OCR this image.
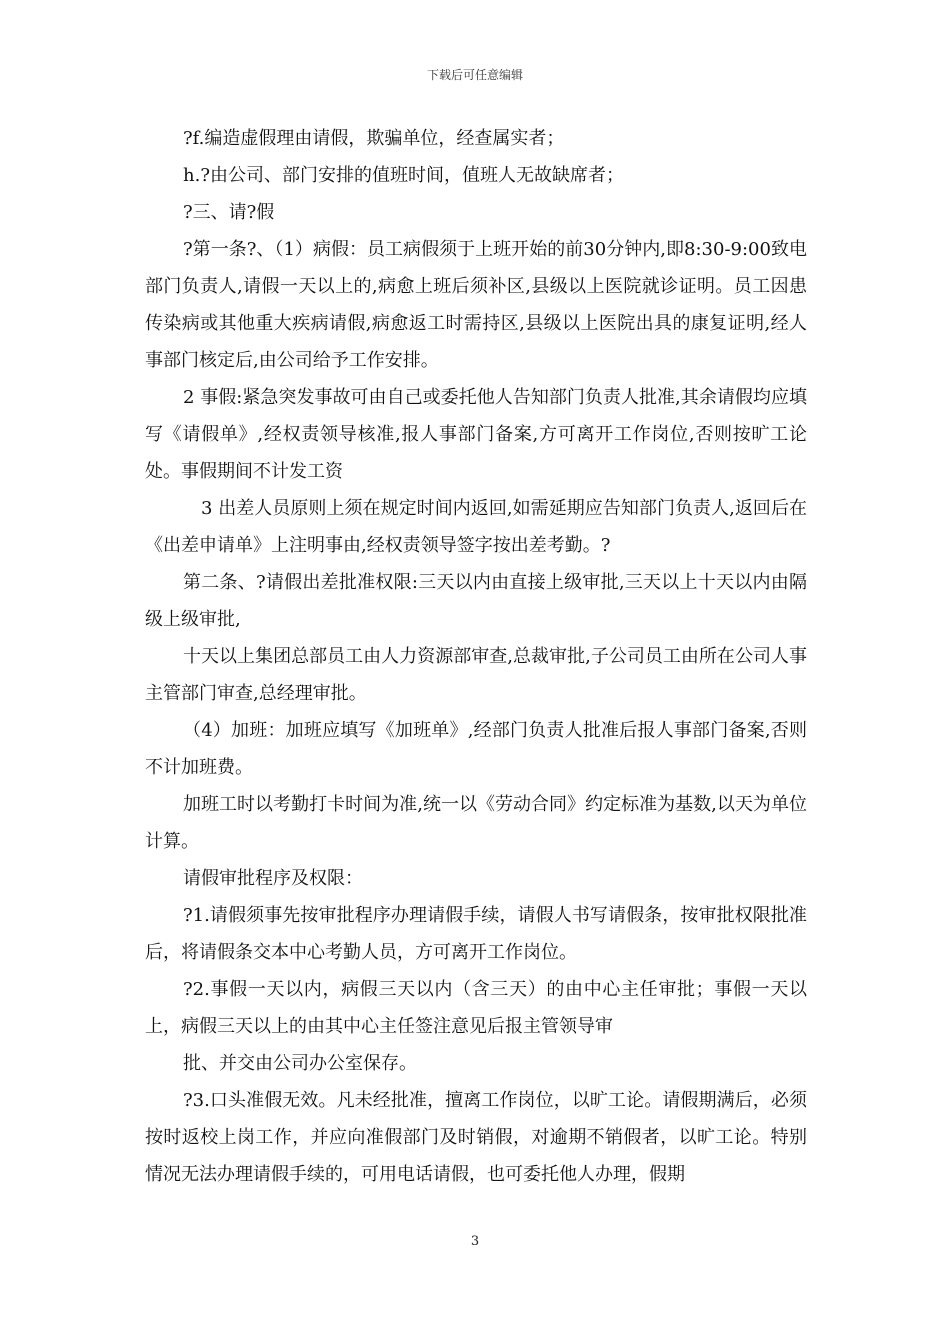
下载后可任意编辑

?f.编造虚假理由请假，欺骗单位，经查属实者；

h.?由公司、部门安排的值班时间，值班人无故缺席者；

?三、请?假

?第一条?、（1）病假：员工病假须于上班开始的前30分钟内,即8:30-9:00致电部门负责人,请假一天以上的,病愈上班后须补区,县级以上医院就诊证明。员工因患传染病或其他重大疾病请假,病愈返工时需持区,县级以上医院出具的康复证明,经人事部门核定后,由公司给予工作安排。

2 事假:紧急突发事故可由自己或委托他人告知部门负责人批准,其余请假均应填写《请假单》,经权责领导核准,报人事部门备案,方可离开工作岗位,否则按旷工论处。事假期间不计发工资

3 出差人员原则上须在规定时间内返回,如需延期应告知部门负责人,返回后在《出差申请单》上注明事由,经权责领导签字按出差考勤。?

第二条、?请假出差批准权限:三天以内由直接上级审批,三天以上十天以内由隔级上级审批,

十天以上集团总部员工由人力资源部审查,总裁审批,子公司员工由所在公司人事主管部门审查,总经理审批。

（4）加班：加班应填写《加班单》,经部门负责人批准后报人事部门备案,否则不计加班费。

加班工时以考勤打卡时间为准,统一以《劳动合同》约定标准为基数,以天为单位计算。

请假审批程序及权限：

?1.请假须事先按审批程序办理请假手续，请假人书写请假条，按审批权限批准后，将请假条交本中心考勤人员，方可离开工作岗位。

?2.事假一天以内，病假三天以内（含三天）的由中心主任审批；事假一天以上，病假三天以上的由其中心主任签注意见后报主管领导审

批、并交由公司办公室保存。

?3.口头准假无效。凡未经批准，擅离工作岗位，以旷工论。请假期满后，必须按时返校上岗工作，并应向准假部门及时销假，对逾期不销假者，以旷工论。特别情况无法办理请假手续的，可用电话请假，也可委托他人办理，假期

3
